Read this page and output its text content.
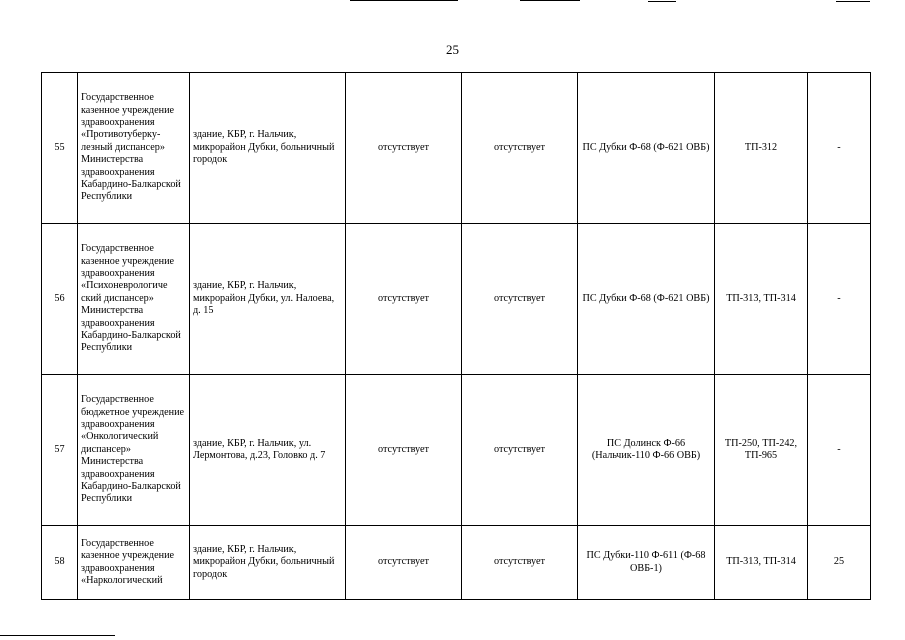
25
55	Государственное казенное учреждение здравоохранения «Противотуберку-лезный диспансер» Министерства здравоохранения Кабардино-Балкарской Республики	здание, КБР, г. Нальчик, микрорайон Дубки, больничный городок	отсутствует	отсутствует	ПС Дубки Ф-68 (Ф-621 ОВБ)	ТП-312	-
56	Государственное казенное учреждение здравоохранения «Психоневрологиче ский диспансер» Министерства здравоохранения Кабардино-Балкарской Республики	здание, КБР, г. Нальчик, микрорайон Дубки, ул. Налоева, д. 15	отсутствует	отсутствует	ПС Дубки Ф-68 (Ф-621 ОВБ)	ТП-313, ТП-314	-
57	Государственное бюджетное учреждение здравоохранения «Онкологический диспансер» Министерства здравоохранения Кабардино-Балкарской Республики	здание, КБР, г. Нальчик, ул. Лермонтова, д.23, Головко д. 7	отсутствует	отсутствует	ПС Долинск Ф-66 (Нальчик-110 Ф-66 ОВБ)	ТП-250, ТП-242, ТП-965	-
58	Государственное казенное учреждение здравоохранения «Наркологический	здание, КБР, г. Нальчик, микрорайон Дубки, больничный городок	отсутствует	отсутствует	ПС Дубки-110 Ф-611 (Ф-68 ОВБ-1)	ТП-313, ТП-314	25
